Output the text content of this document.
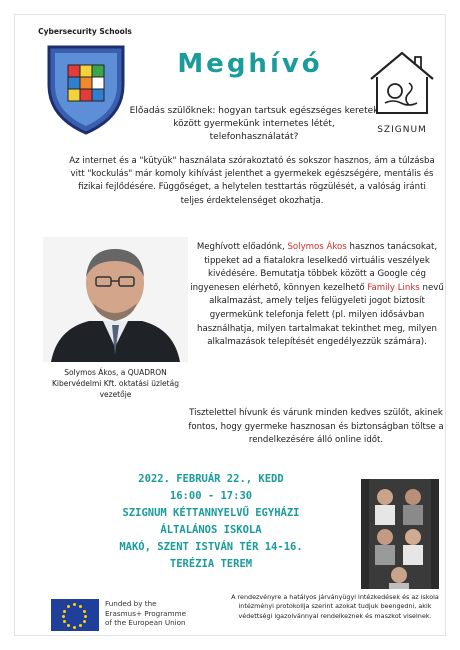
Cybersecurity Schools
Meghívó
SZIGNUM
Előadás szülőknek: hogyan tartsuk egészséges keretek között gyermekünk internetes létét, telefonhasználatát?
Az internet és a "kütyük" használata szórakoztató és sokszor hasznos, ám a túlzásba vitt "kockulás" már komoly kihívást jelenthet a gyermekek egészségére, mentális és fizikai fejlődésére. Függőséget, a helytelen testtartás rögzülését, a valóság iránti teljes érdektelenséget okozhatja.
Solymos Ákos, a QUADRON Kibervédelmi Kft. oktatási üzletág vezetője
Meghívott előadónk, Solymos Ákos hasznos tanácsokat, tippeket ad a fiatalokra leselkedő virtuális veszélyek kivédésére. Bemutatja többek között a Google cég ingyenesen elérhető, könnyen kezelhető Family Links nevű alkalmazást, amely teljes felügyeleti jogot biztosít gyermekünk telefonja felett (pl. milyen idősávban használhatja, milyen tartalmakat tekinthet meg, milyen alkalmazások telepítését engedélyezzük számára).
Tisztelettel hívunk és várunk minden kedves szülőt, akinek fontos, hogy gyermeke hasznosan és biztonságban töltse a rendelkezésére álló online időt.
2022. FEBRUÁR 22., KEDD
16:00 - 17:30
SZIGNUM KÉTTANNYELVŰ EGYHÁZI
ÁLTALÁNOS ISKOLA
MAKÓ, SZENT ISTVÁN TÉR 14-16.
TERÉZIA TEREM
Funded by the
Erasmus+ Programme
of the European Union
A rendezvényre a hatályos járványügyi intézkedések és az iskola intézményi protokollja szerint azokat tudjuk beengedni, akik védettségi igazolvánnyal rendelkeznek és maszkot viselnek.
